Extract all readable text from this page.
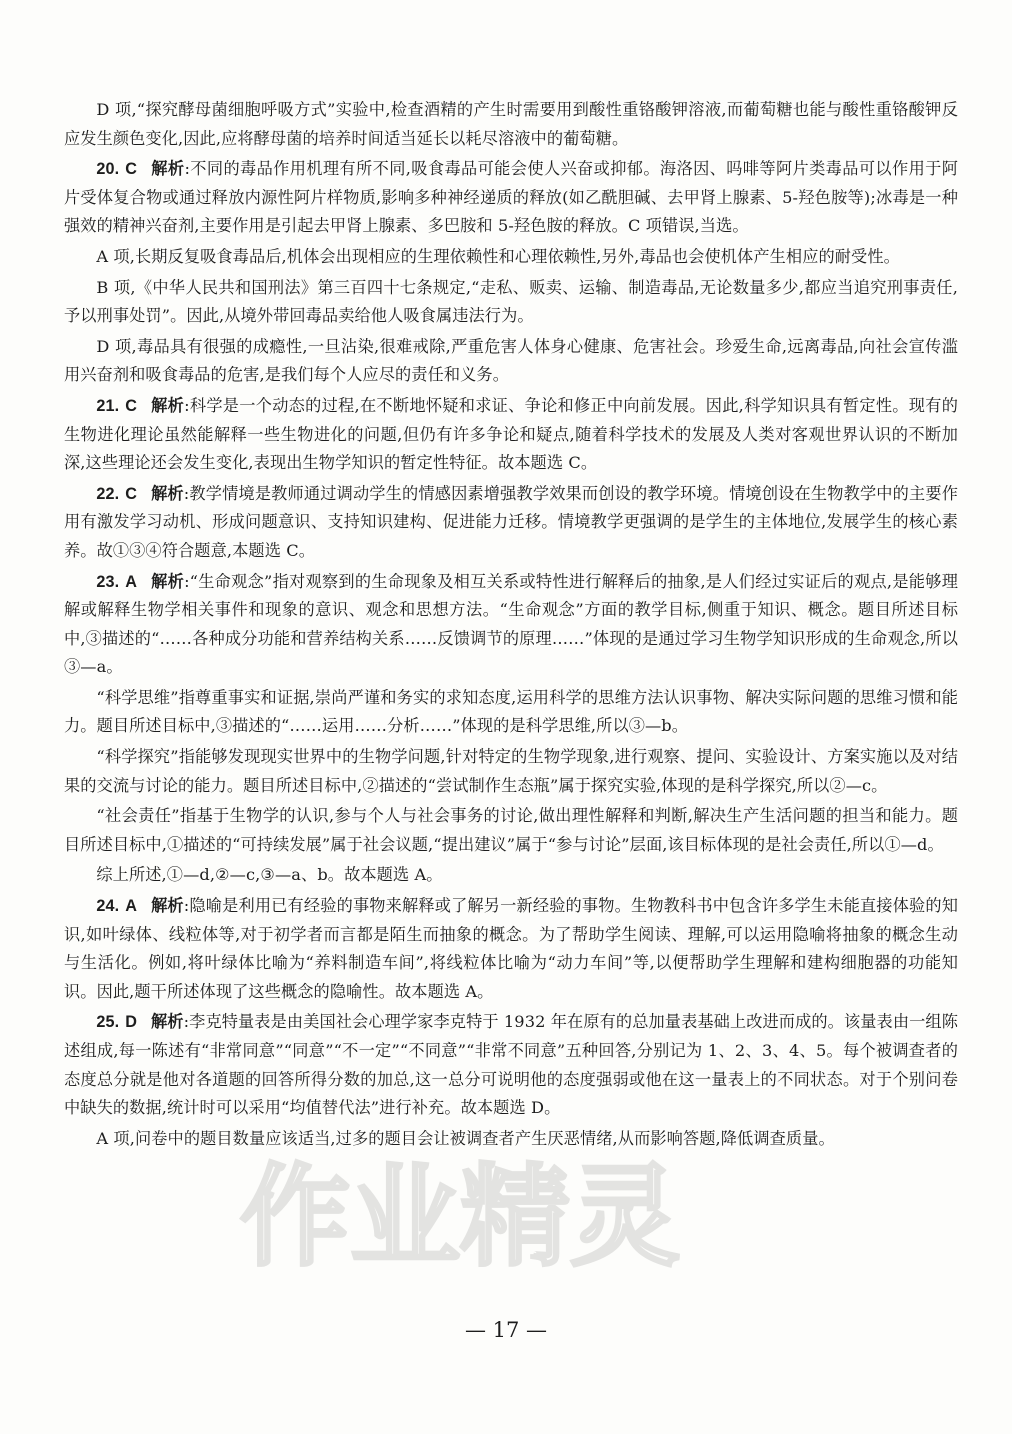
D 项,“探究酵母菌细胞呼吸方式”实验中,检查酒精的产生时需要用到酸性重铬酸钾溶液,而葡萄糖也能与酸性重铬酸钾反应发生颜色变化,因此,应将酵母菌的培养时间适当延长以耗尽溶液中的葡萄糖。

20. C 解析:不同的毒品作用机理有所不同,吸食毒品可能会使人兴奋或抑郁。海洛因、吗啡等阿片类毒品可以作用于阿片受体复合物或通过释放内源性阿片样物质,影响多种神经递质的释放(如乙酰胆碱、去甲肾上腺素、5-羟色胺等);冰毒是一种强效的精神兴奋剂,主要作用是引起去甲肾上腺素、多巴胺和 5-羟色胺的释放。C 项错误,当选。

A 项,长期反复吸食毒品后,机体会出现相应的生理依赖性和心理依赖性,另外,毒品也会使机体产生相应的耐受性。

B 项,《中华人民共和国刑法》第三百四十七条规定,“走私、贩卖、运输、制造毒品,无论数量多少,都应当追究刑事责任,予以刑事处罚”。因此,从境外带回毒品卖给他人吸食属违法行为。

D 项,毒品具有很强的成瘾性,一旦沾染,很难戒除,严重危害人体身心健康、危害社会。珍爱生命,远离毒品,向社会宣传滥用兴奋剂和吸食毒品的危害,是我们每个人应尽的责任和义务。

21. C 解析:科学是一个动态的过程,在不断地怀疑和求证、争论和修正中向前发展。因此,科学知识具有暂定性。现有的生物进化理论虽然能解释一些生物进化的问题,但仍有许多争论和疑点,随着科学技术的发展及人类对客观世界认识的不断加深,这些理论还会发生变化,表现出生物学知识的暂定性特征。故本题选 C。

22. C 解析:教学情境是教师通过调动学生的情感因素增强教学效果而创设的教学环境。情境创设在生物教学中的主要作用有激发学习动机、形成问题意识、支持知识建构、促进能力迁移。情境教学更强调的是学生的主体地位,发展学生的核心素养。故①③④符合题意,本题选 C。

23. A 解析:“生命观念”指对观察到的生命现象及相互关系或特性进行解释后的抽象,是人们经过实证后的观点,是能够理解或解释生物学相关事件和现象的意识、观念和思想方法。“生命观念”方面的教学目标,侧重于知识、概念。题目所述目标中,③描述的“……各种成分功能和营养结构关系……反馈调节的原理……”体现的是通过学习生物学知识形成的生命观念,所以③—a。

“科学思维”指尊重事实和证据,崇尚严谨和务实的求知态度,运用科学的思维方法认识事物、解决实际问题的思维习惯和能力。题目所述目标中,③描述的“……运用……分析……”体现的是科学思维,所以③—b。

“科学探究”指能够发现现实世界中的生物学问题,针对特定的生物学现象,进行观察、提问、实验设计、方案实施以及对结果的交流与讨论的能力。题目所述目标中,②描述的“尝试制作生态瓶”属于探究实验,体现的是科学探究,所以②—c。

“社会责任”指基于生物学的认识,参与个人与社会事务的讨论,做出理性解释和判断,解决生产生活问题的担当和能力。题目所述目标中,①描述的“可持续发展”属于社会议题,“提出建议”属于“参与讨论”层面,该目标体现的是社会责任,所以①—d。

综上所述,①—d,②—c,③—a、b。故本题选 A。

24. A 解析:隐喻是利用已有经验的事物来解释或了解另一新经验的事物。生物教科书中包含许多学生未能直接体验的知识,如叶绿体、线粒体等,对于初学者而言都是陌生而抽象的概念。为了帮助学生阅读、理解,可以运用隐喻将抽象的概念生动与生活化。例如,将叶绿体比喻为“养料制造车间”,将线粒体比喻为“动力车间”等,以便帮助学生理解和建构细胞器的功能知识。因此,题干所述体现了这些概念的隐喻性。故本题选 A。

25. D 解析:李克特量表是由美国社会心理学家李克特于 1932 年在原有的总加量表基础上改进而成的。该量表由一组陈述组成,每一陈述有“非常同意”“同意”“不一定”“不同意”“非常不同意”五种回答,分别记为 1、2、3、4、5。每个被调查者的态度总分就是他对各道题的回答所得分数的加总,这一总分可说明他的态度强弱或他在这一量表上的不同状态。对于个别问卷中缺失的数据,统计时可以采用“均值替代法”进行补充。故本题选 D。

A 项,问卷中的题目数量应该适当,过多的题目会让被调查者产生厌恶情绪,从而影响答题,降低调查质量。

作业精灵
— 17 —
